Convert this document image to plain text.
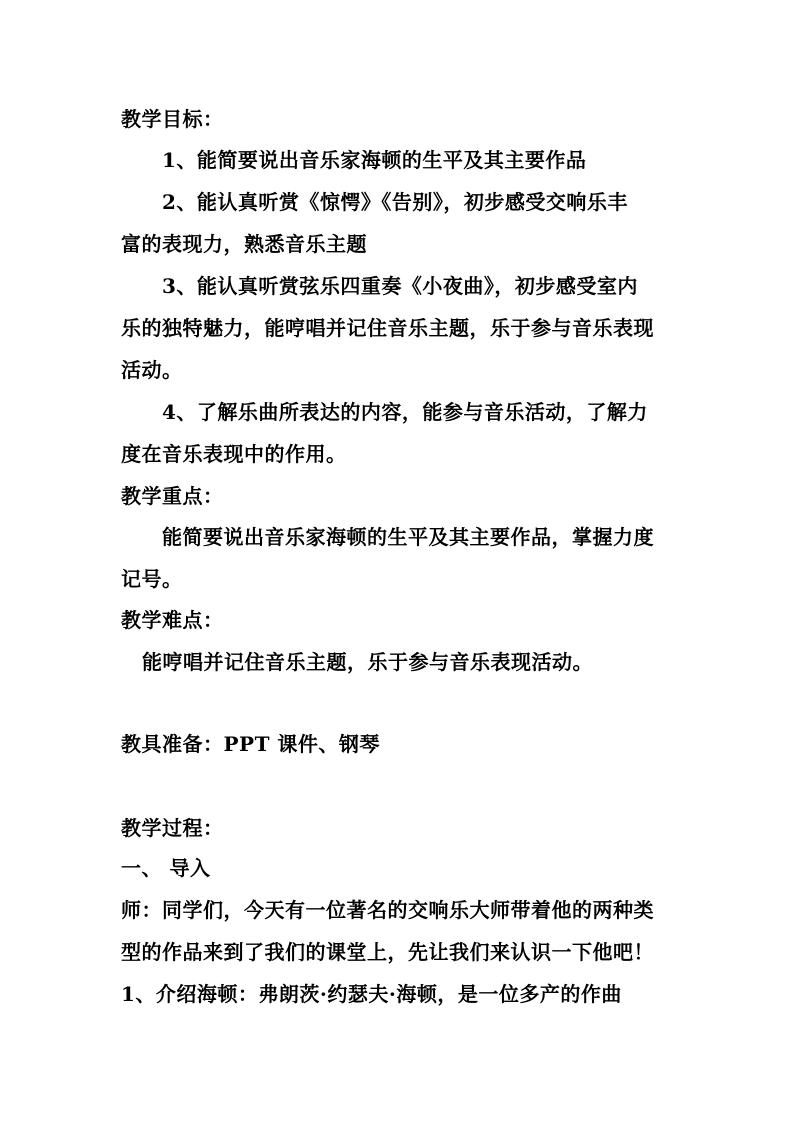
教学目标：
1、能简要说出音乐家海顿的生平及其主要作品
2、能认真听赏《惊愕》《告别》，初步感受交响乐丰
富的表现力，熟悉音乐主题
3、能认真听赏弦乐四重奏《小夜曲》，初步感受室内
乐的独特魅力，能哼唱并记住音乐主题，乐于参与音乐表现
活动。
4、了解乐曲所表达的内容，能参与音乐活动，了解力
度在音乐表现中的作用。
教学重点：
能简要说出音乐家海顿的生平及其主要作品，掌握力度
记号。
教学难点：
能哼唱并记住音乐主题，乐于参与音乐表现活动。
教具准备：PPT 课件、钢琴
教学过程：
一、 导入
师：同学们，今天有一位著名的交响乐大师带着他的两种类
型的作品来到了我们的课堂上，先让我们来认识一下他吧！
1、介绍海顿：弗朗茨·约瑟夫·海顿，是一位多产的作曲
